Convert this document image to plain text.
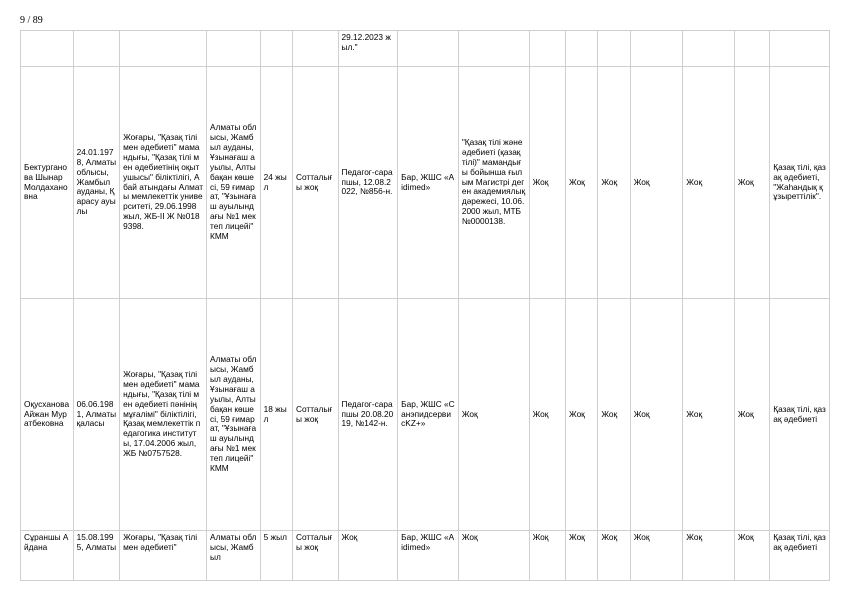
9 / 89
						29.12.2023 жыл."									
Бектурганова Шынар Молдахановна	24.01.1978, Алматы облысы, Жамбыл ауданы, Қарасу ауылы	Жоғары, "Қазақ тілі мен әдебиеті" мамандығы, "Қазақ тілі мен әдебиетінің оқытушысы" біліктілігі, Абай атындағы Алматы мемлекеттік университеті, 29.06.1998 жыл, ЖБ-II Ж №0189398.	Алматы облысы, Жамбыл ауданы, Ұзынағаш ауылы, Алтыбақан көшесі, 59 ғимарат, "Ұзынағаш ауылындағы №1 мектеп лицейі" КММ	24 жыл	Сотталығы жоқ	Педагог-сарапшы, 12.08.2022, №856-н.	Бар, ЖШС «Aidimed»	"Қазақ тілі және әдебиеті (қазақ тілі)" мамандығы бойынша ғылым Магистрі деген академиялық дәрежесі, 10.06.2000 жыл, МТБ №0000138.	Жоқ	Жоқ	Жоқ	Жоқ	Жоқ	Жоқ	Қазақ тілі, қазақ әдебиеті, "Жаһандық құзыреттілік".
Оқусханова Айжан Муратбековна	06.06.1981, Алматы қаласы	Жоғары, "Қазақ тілі мен әдебиеті" мамандығы, "Қазақ тілі мен әдебиеті пәнінің мұғалімі" біліктілігі, Қазақ мемлекеттік педагогика институты, 17.04.2006 жыл, ЖБ №0757528.	Алматы облысы, Жамбыл ауданы, Ұзынағаш ауылы, Алтыбақан көшесі, 59 ғимарат, "Ұзынағаш ауылындағы №1 мектеп лицейі" КММ	18 жыл	Сотталығы жоқ	Педагог-сарапшы 20.08.2019, №142-н.	Бар, ЖШС «СанэпидсервисKZ+»	Жоқ	Жоқ	Жоқ	Жоқ	Жоқ	Жоқ	Жоқ	Қазақ тілі, қазақ әдебиеті
Сұраншы Айдана	15.08.1995, Алматы	Жоғары, "Қазақ тілі мен әдебиеті"	Алматы облысы, Жамбыл	5 жыл	Сотталығы жоқ	Жоқ	Бар, ЖШС «Aidimed»	Жоқ	Жоқ	Жоқ	Жоқ	Жоқ	Жоқ	Жоқ	Қазақ тілі, қазақ әдебиеті
